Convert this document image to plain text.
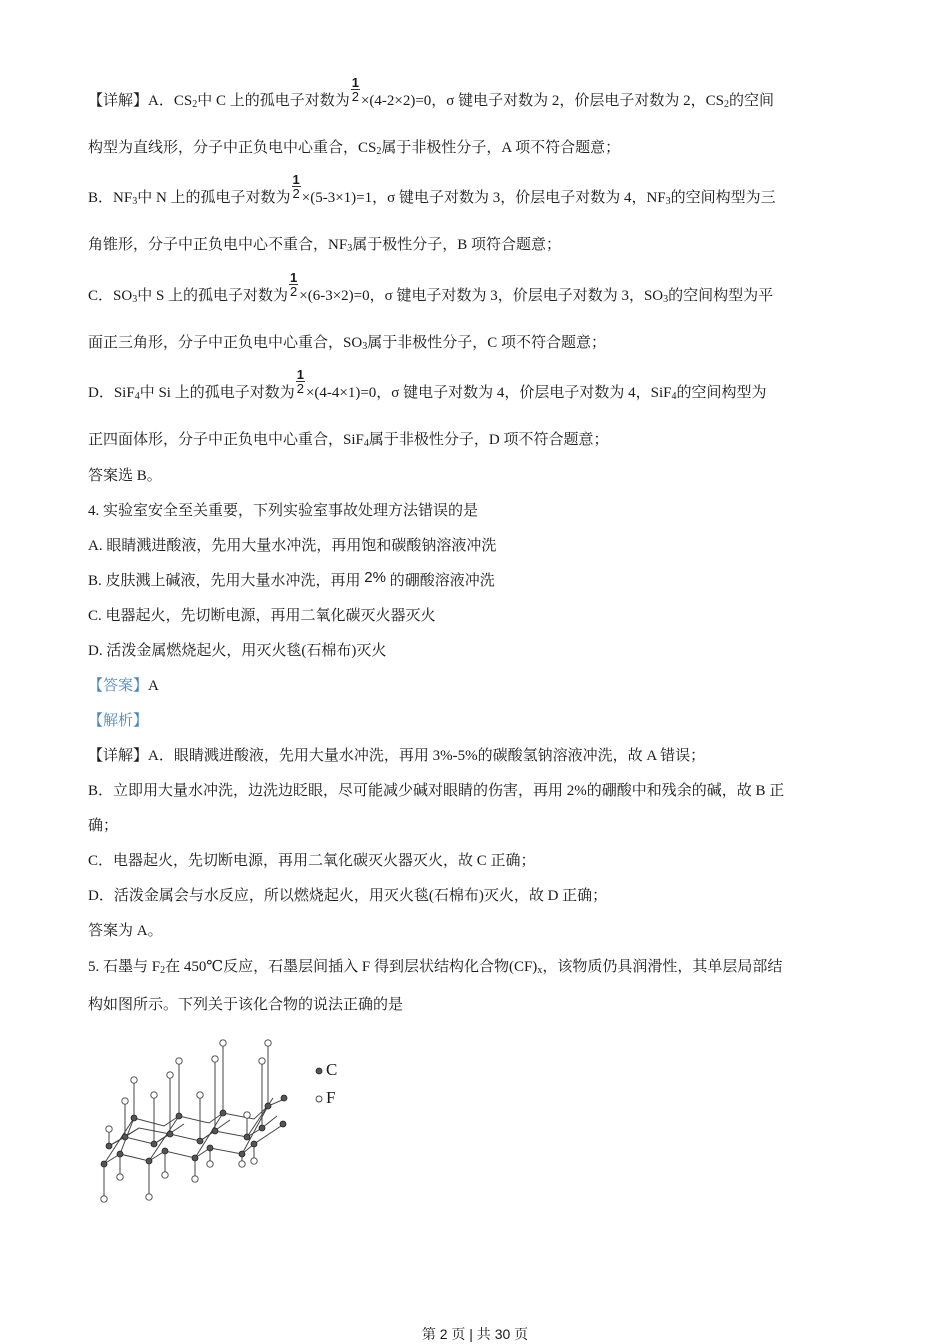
【详解】A．$CS_2$中 C 上的孤电子对数为 $\frac{1}{2} \times(4-2\times 2)=0$，σ 键电子对数为 2，价层电子对数为 2，$CS_2$的空间
构型为直线形，分子中正负电中心重合，$CS_2$属于非极性分子，A 项不符合题意；
B．$NF_3$中 N 上的孤电子对数为 $\frac{1}{2} \times(5-3\times 1)=1$，σ 键电子对数为 3，价层电子对数为 4，$NF_3$的空间构型为三
角锥形，分子中正负电中心不重合，$NF_3$属于极性分子，B 项符合题意；
C．$SO_3$中 S 上的孤电子对数为 $\frac{1}{2} \times(6-3\times 2)=0$，σ 键电子对数为 3，价层电子对数为 3，$SO_3$的空间构型为平
面正三角形，分子中正负电中心重合，$SO_3$属于非极性分子，C 项不符合题意；
D．SiF$_4$中 Si 上的孤电子对数为 $\frac{1}{2} \times(4-4\times 1)=0$，σ 键电子对数为 4，价层电子对数为 4，SiF$_4$的空间构型为
正四面体形，分子中正负电中心重合，SiF$_4$属于非极性分子，D 项不符合题意；
答案选 B。
4. 实验室安全至关重要，下列实验室事故处理方法错误的是
A. 眼睛溅进酸液，先用大量水冲洗，再用饱和碳酸钠溶液冲洗
B. 皮肤溅上碱液，先用大量水冲洗，再用 2% 的硼酸溶液冲洗
C. 电器起火，先切断电源，再用二氧化碳灭火器灭火
D. 活泼金属燃烧起火，用灭火毯(石棉布)灭火
【答案】A
【解析】
【详解】A．眼睛溅进酸液，先用大量水冲洗，再用 3%-5%的碳酸氢钠溶液冲洗，故 A 错误；
B．立即用大量水冲洗，边洗边眨眼，尽可能减少碱对眼睛的伤害，再用 2%的硼酸中和残余的碱，故 B 正
确；
C．电器起火，先切断电源，再用二氧化碳灭火器灭火，故 C 正确；
D．活泼金属会与水反应，所以燃烧起火，用灭火毯(石棉布)灭火，故 D 正确；
答案为 A。
5. 石墨与 $F_2$在 450℃反应，石墨层间插入 F 得到层状结构化合物$(CF)_x$，该物质仍具润滑性，其单层局部结
构如图所示。下列关于该化合物的说法正确的是
C
F
第 2 页 | 共 30 页
